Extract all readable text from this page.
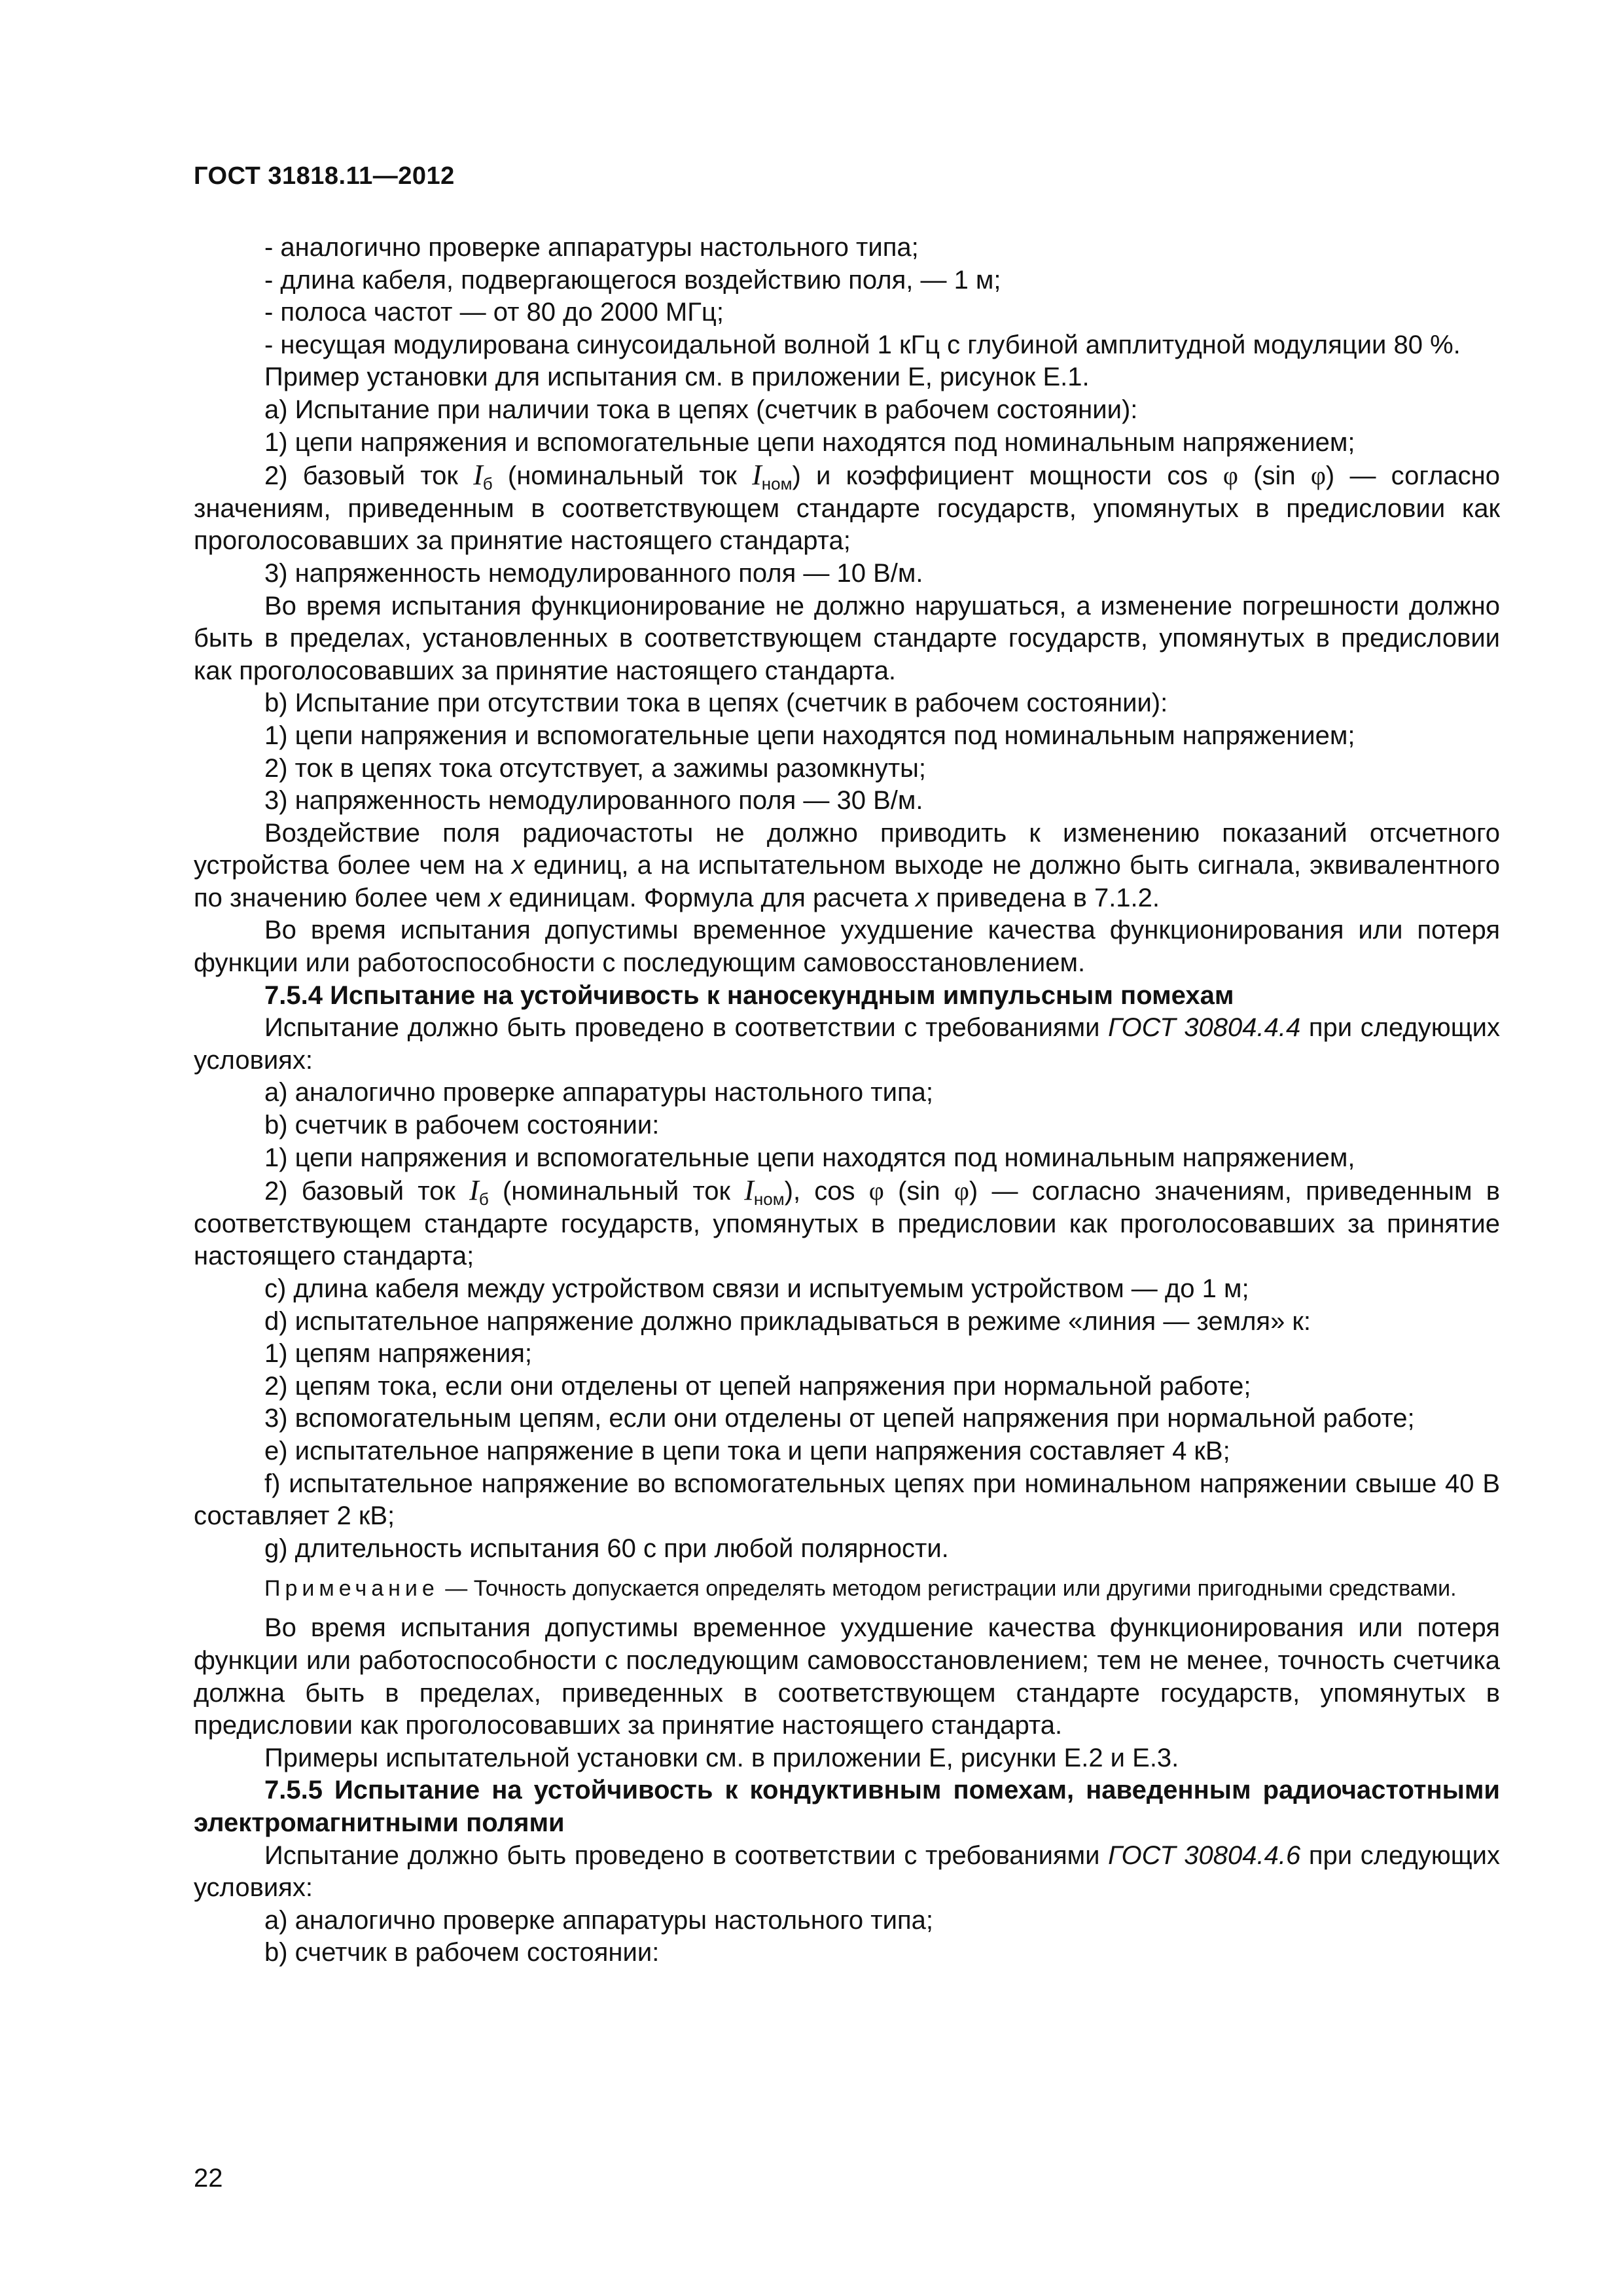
ГОСТ 31818.11—2012

- аналогично проверке аппаратуры настольного типа;

- длина кабеля, подвергающегося воздействию поля, — 1 м;

- полоса частот — от 80 до 2000 МГц;

- несущая модулирована синусоидальной волной 1 кГц с глубиной амплитудной модуляции 80 %.

Пример установки для испытания см. в приложении Е, рисунок Е.1.

a) Испытание при наличии тока в цепях (счетчик в рабочем состоянии):

1) цепи напряжения и вспомогательные цепи находятся под номинальным напряжением;

2) базовый ток $I_б$ (номинальный ток $I_{ном}$) и коэффициент мощности cos φ (sin φ) — согласно значениям, приведенным в соответствующем стандарте государств, упомянутых в предисловии как проголосовавших за принятие настоящего стандарта;

3) напряженность немодулированного поля — 10 В/м.

Во время испытания функционирование не должно нарушаться, а изменение погрешности должно быть в пределах, установленных в соответствующем стандарте государств, упомянутых в предисловии как проголосовавших за принятие настоящего стандарта.

b) Испытание при отсутствии тока в цепях (счетчик в рабочем состоянии):

1) цепи напряжения и вспомогательные цепи находятся под номинальным напряжением;

2) ток в цепях тока отсутствует, а зажимы разомкнуты;

3) напряженность немодулированного поля — 30 В/м.

Воздействие поля радиочастоты не должно приводить к изменению показаний отсчетного устройства более чем на x единиц, а на испытательном выходе не должно быть сигнала, эквивалентного по значению более чем x единицам. Формула для расчета x приведена в 7.1.2.

Во время испытания допустимы временное ухудшение качества функционирования или потеря функции или работоспособности с последующим самовосстановлением.

7.5.4 Испытание на устойчивость к наносекундным импульсным помехам

Испытание должно быть проведено в соответствии с требованиями ГОСТ 30804.4.4 при следующих условиях:

a) аналогично проверке аппаратуры настольного типа;

b) счетчик в рабочем состоянии:

1) цепи напряжения и вспомогательные цепи находятся под номинальным напряжением,

2) базовый ток $I_б$ (номинальный ток $I_{ном}$), cos φ (sin φ) — согласно значениям, приведенным в соответствующем стандарте государств, упомянутых в предисловии как проголосовавших за принятие настоящего стандарта;

c) длина кабеля между устройством связи и испытуемым устройством — до 1 м;

d) испытательное напряжение должно прикладываться в режиме «линия — земля» к:

1) цепям напряжения;

2) цепям тока, если они отделены от цепей напряжения при нормальной работе;

3) вспомогательным цепям, если они отделены от цепей напряжения при нормальной работе;

e) испытательное напряжение в цепи тока и цепи напряжения составляет 4 кВ;

f) испытательное напряжение во вспомогательных цепях при номинальном напряжении свыше 40 В составляет 2 кВ;

g) длительность испытания 60 с при любой полярности.

Примечание — Точность допускается определять методом регистрации или другими пригодными средствами.

Во время испытания допустимы временное ухудшение качества функционирования или потеря функции или работоспособности с последующим самовосстановлением; тем не менее, точность счетчика должна быть в пределах, приведенных в соответствующем стандарте государств, упомянутых в предисловии как проголосовавших за принятие настоящего стандарта.

Примеры испытательной установки см. в приложении Е, рисунки Е.2 и Е.3.

7.5.5 Испытание на устойчивость к кондуктивным помехам, наведенным радиочастотными электромагнитными полями

Испытание должно быть проведено в соответствии с требованиями ГОСТ 30804.4.6 при следующих условиях:

a) аналогично проверке аппаратуры настольного типа;

b) счетчик в рабочем состоянии:

22
